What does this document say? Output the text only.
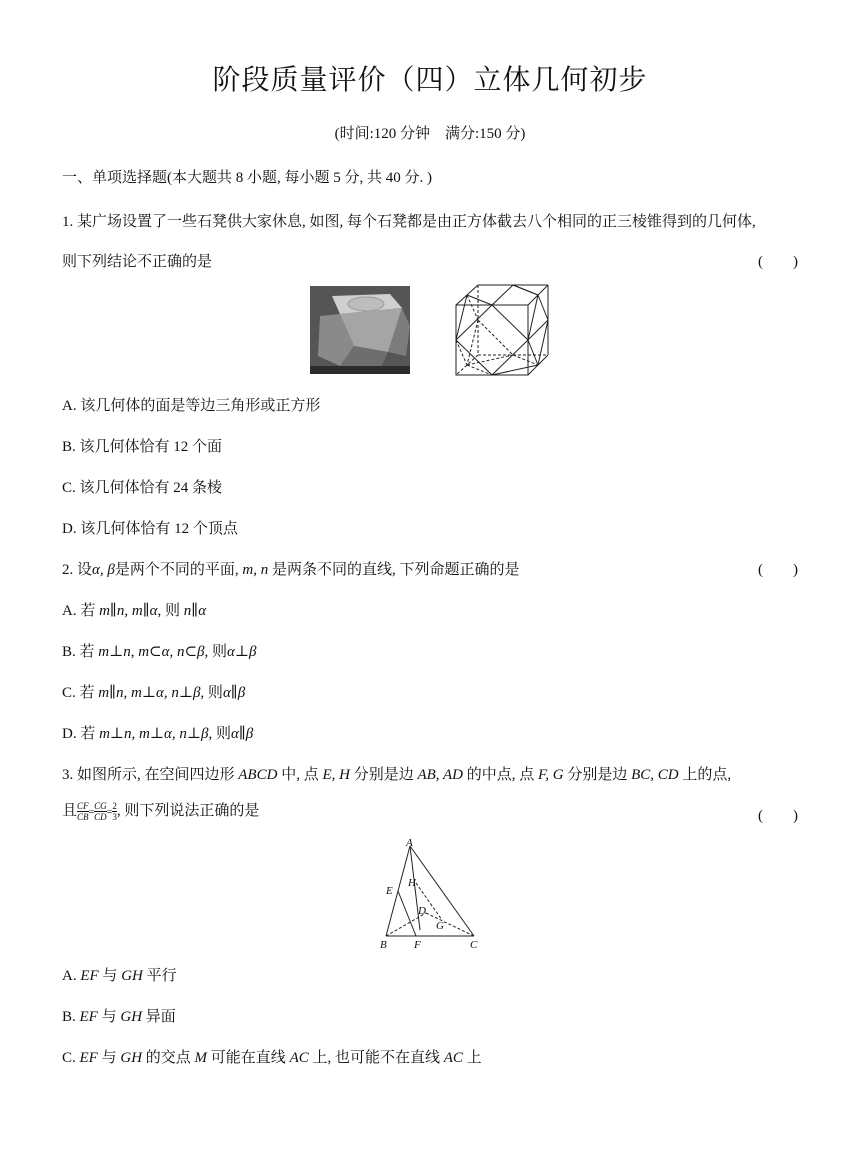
阶段质量评价（四）立体几何初步
(时间:120 分钟　满分:150 分)
一、单项选择题(本大题共 8 小题, 每小题 5 分, 共 40 分. )
1. 某广场设置了一些石凳供大家休息, 如图, 每个石凳都是由正方体截去八个相同的正三棱锥得到的几何体,
则下列结论不正确的是	(　　)
A. 该几何体的面是等边三角形或正方形
B. 该几何体恰有 12 个面
C. 该几何体恰有 24 条棱
D. 该几何体恰有 12 个顶点
2. 设α, β是两个不同的平面, m, n 是两条不同的直线, 下列命题正确的是	(　　)
A. 若 m∥n, m∥α, 则 n∥α
B. 若 m⊥n, m⊂α, n⊂β, 则α⊥β
C. 若 m∥n, m⊥α, n⊥β, 则α∥β
D. 若 m⊥n, m⊥α, n⊥β, 则α∥β
3. 如图所示, 在空间四边形 ABCD 中, 点 E, H 分别是边 AB, AD 的中点, 点 F, G 分别是边 BC, CD 上的点,
且 $\frac{CF}{CB} = \frac{CG}{CD} = \frac{2}{3}$ , 则下列说法正确的是	(　　)
A
B	C
D
E
F
G
H
A. EF 与 GH 平行
B. EF 与 GH 异面
C. EF 与 GH 的交点 M 可能在直线 AC 上, 也可能不在直线 AC 上
